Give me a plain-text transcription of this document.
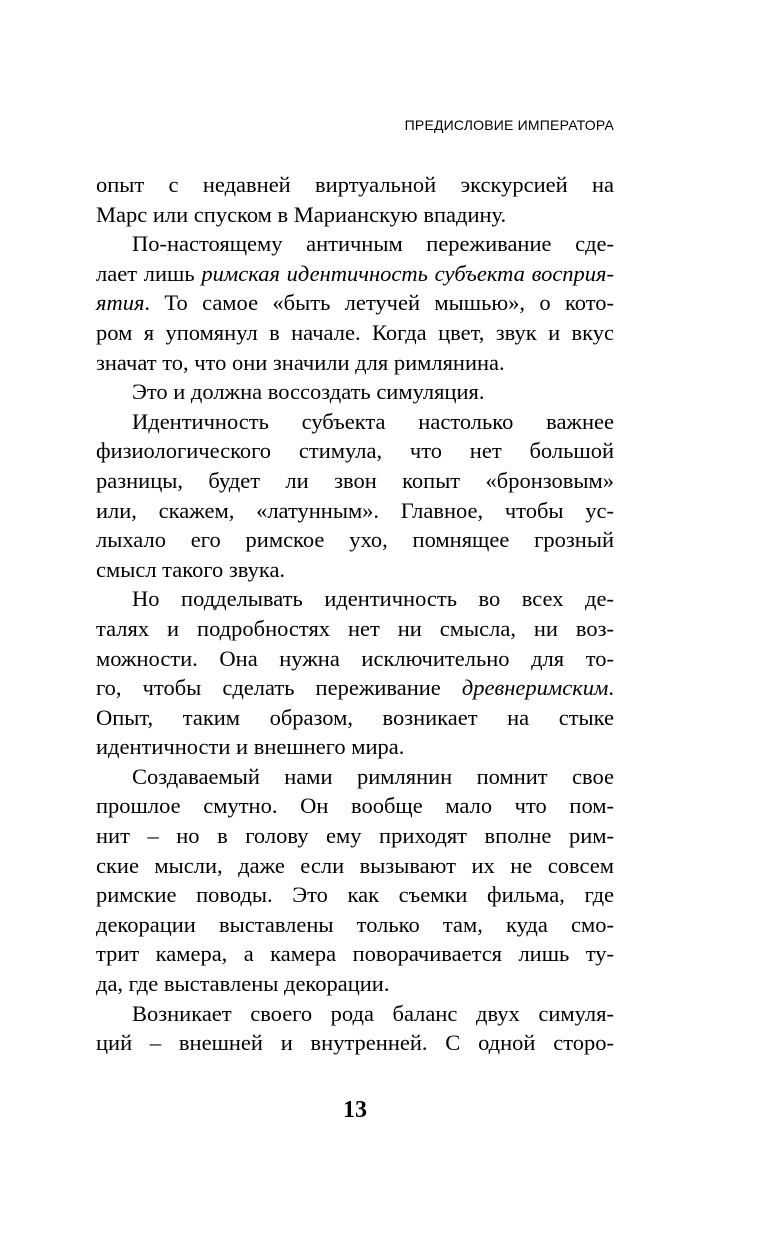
ПРЕДИСЛОВИЕ ИМПЕРАТОРА
опыт с недавней виртуальной экскурсией на
Марс или спуском в Марианскую впадину.
По-настоящему античным переживание сде-
лает лишь римская идентичность субъекта восприя-
ятия. То самое «быть летучей мышью», о кото-
ром я упомянул в начале. Когда цвет, звук и вкус
значат то, что они значили для римлянина.
Это и должна воссоздать симуляция.
Идентичность субъекта настолько важнее
физиологического стимула, что нет большой
разницы, будет ли звон копыт «бронзовым»
или, скажем, «латунным». Главное, чтобы ус-
лыхало его римское ухо, помнящее грозный
смысл такого звука.
Но подделывать идентичность во всех де-
талях и подробностях нет ни смысла, ни воз-
можности. Она нужна исключительно для то-
го, чтобы сделать переживание древнеримским.
Опыт, таким образом, возникает на стыке
идентичности и внешнего мира.
Создаваемый нами римлянин помнит свое
прошлое смутно. Он вообще мало что пом-
нит – но в голову ему приходят вполне рим-
ские мысли, даже если вызывают их не совсем
римские поводы. Это как съемки фильма, где
декорации выставлены только там, куда смо-
трит камера, а камера поворачивается лишь ту-
да, где выставлены декорации.
Возникает своего рода баланс двух симуля-
ций – внешней и внутренней. С одной сторо-
13
